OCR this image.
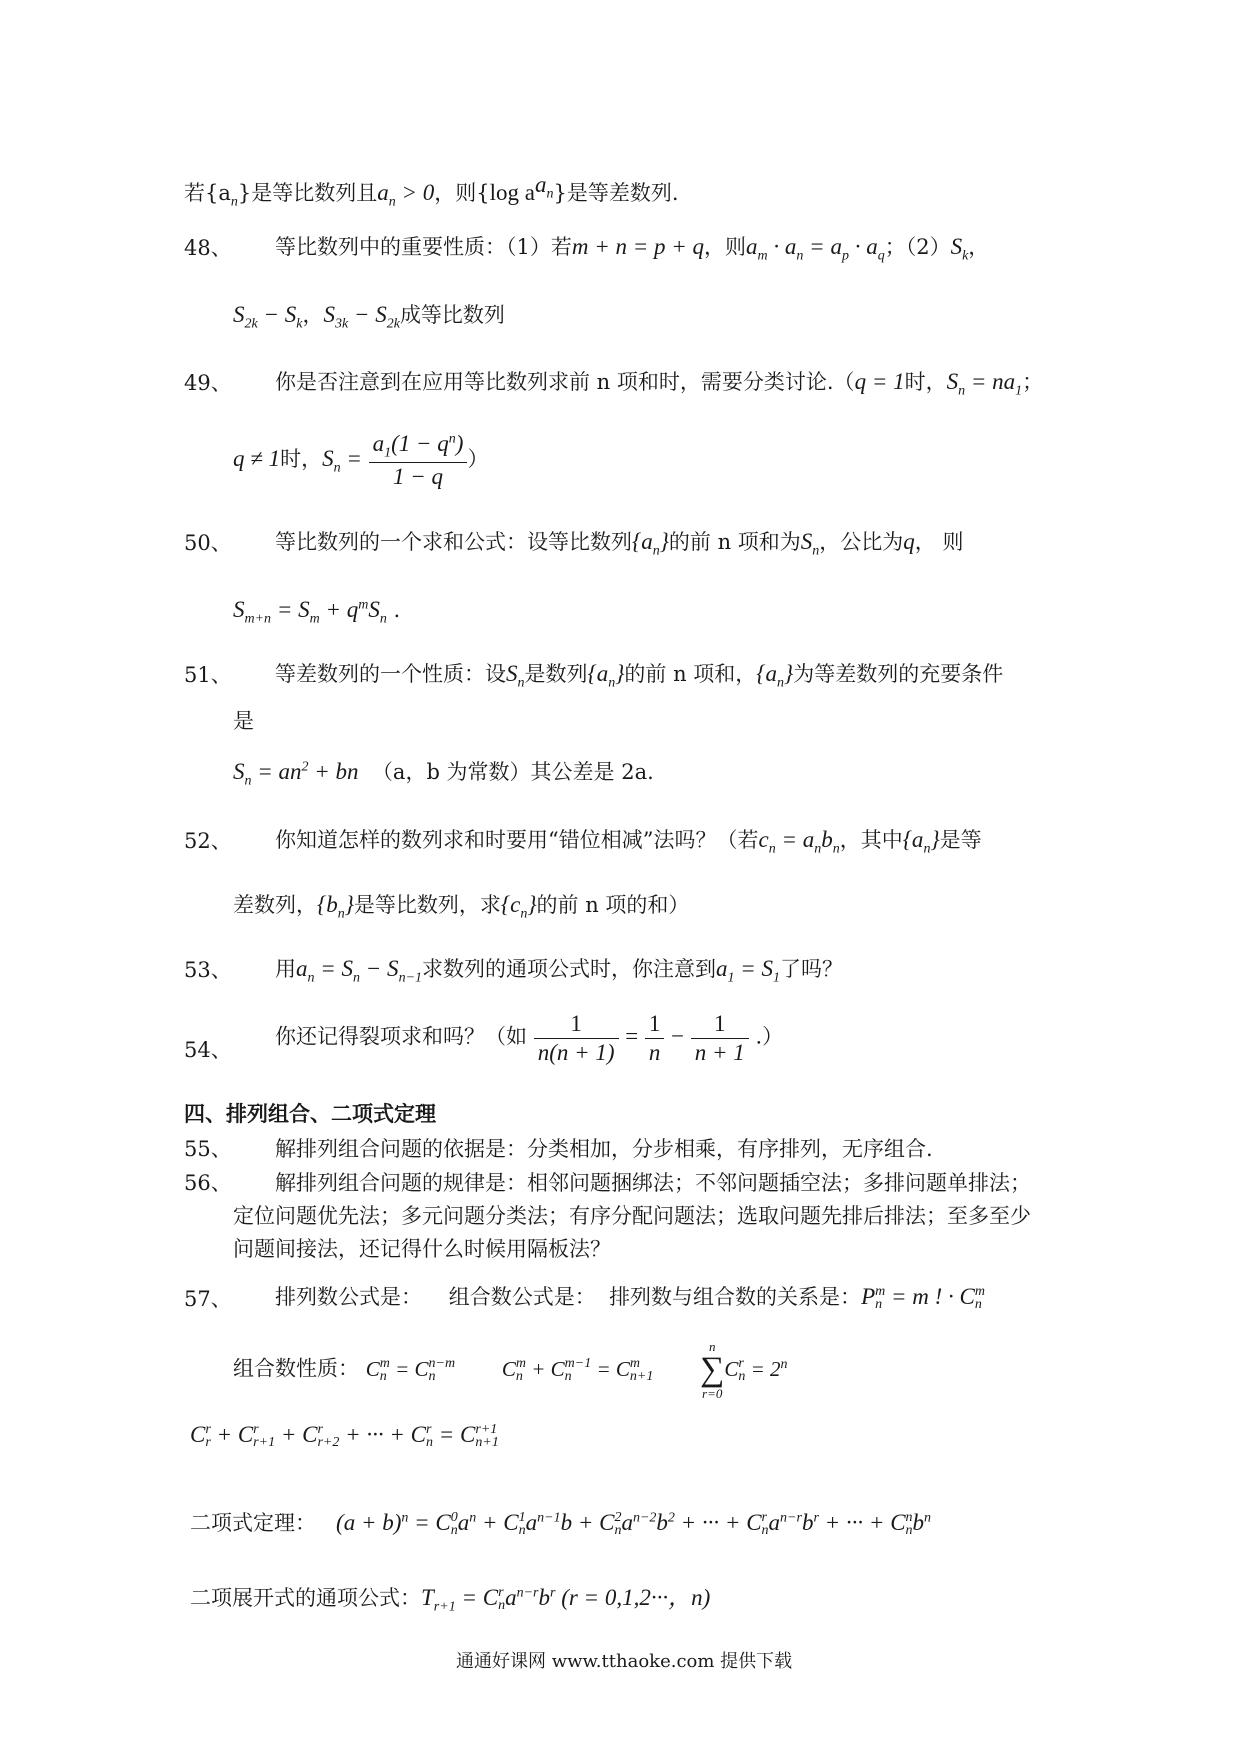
若$\{a_n\}$是等比数列且$a_n > 0$，则{log $a^{a_n}$}是等差数列.
48、 等比数列中的重要性质：（1）若m + n = p + q，则$a_m \cdot a_n = a_p \cdot a_q$；$(2)S_k$，
$S_{2k} - S_k$，$S_{3k} - S_{2k}$成等比数列
49、 你是否注意到在应用等比数列求前 n 项和时，需要分类讨论.（q = 1时，$S_n = na_1$；
q ≠ 1时，$S_n = \frac{a_1(1 - q^n)}{1 - q}$ ）
50、 等比数列的一个求和公式：设等比数列$\{a_n\}$的前 n 项和为$S_n$，公比为q， 则
$S_{m+n} = S_m + q^mS_n$ .
51、 等差数列的一个性质：设$S_n$是数列$\{a_n\}$的前 n 项和，$\{a_n\}$为等差数列的充要条件
是
$S_n = an^2$ + bn （a，b 为常数）其公差是 2a.
52、 你知道怎样的数列求和时要用“错位相减”法吗？（若$c_n = a_nb_n$，其中$\{a_n\}$是等
差数列，$\{b_n\}$是等比数列，求$\{c_n\}$的前 n 项的和）
53、 用$a_n = S_n - S_{n-1}$求数列的通项公式时，你注意到$a_1 = S_1$了吗？
54、
你还记得裂项求和吗？（如 $\frac{1}{n(n + 1)} = \frac{1}{n} - \frac{1}{n + 1}$ .）
四、排列组合、二项式定理
55、 解排列组合问题的依据是：分类相加，分步相乘，有序排列，无序组合.
56、 解排列组合问题的规律是：相邻问题捆绑法；不邻问题插空法；多排问题单排法；
定位问题优先法；多元问题分类法；有序分配问题法；选取问题先排后排法；至多至少
问题间接法，还记得什么时候用隔板法？
57、 排列数公式是： 组合数公式是： 排列数与组合数的关系是：P m
n = m ! · C m
n
组合数性质： C m
n = C n−m
n	C m
n + C m−1
n = C m
n+1

n
∑
r=0
C r
$n = 2^n$
C r
r + C r
r+1 + C r
r+2 + ··· + C r
n = C r+1
n+1
二项式定理： $(a + b)^n = C$ 0
n $a^n + C$ 1
n $a^{n-1}b + C$ 2
n $a^{n-2}b^2$ + ··· + C r
n $a^{n-r}b^r$ + ··· + C n
n $b^n$
二项展开式的通项公式：$T_{r+1} = C$ r
n $a^{n-r}b^r$ (r = 0,1,2···，n)
通通好课网 www.tthaoke.com 提供下载
